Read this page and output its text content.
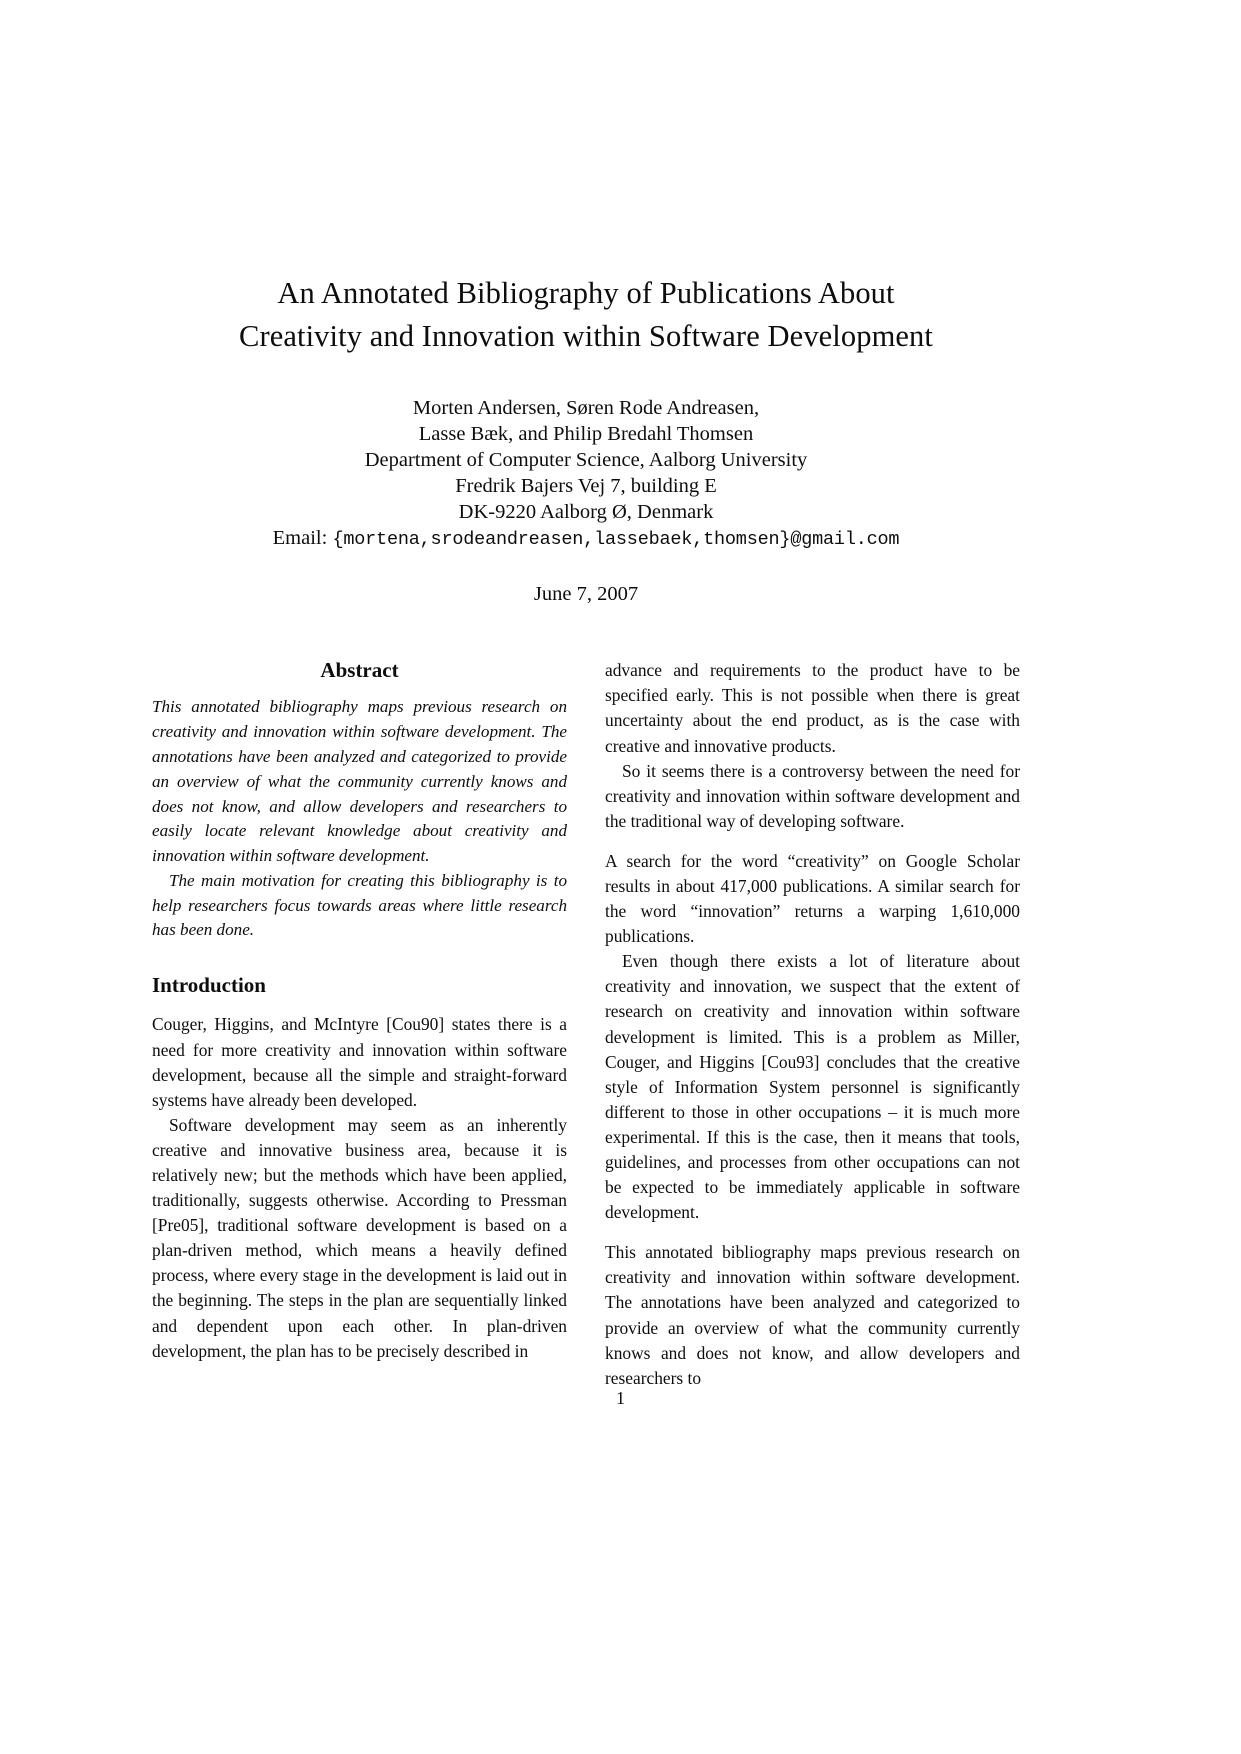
An Annotated Bibliography of Publications About
Creativity and Innovation within Software Development
Morten Andersen, Søren Rode Andreasen,
Lasse Bæk, and Philip Bredahl Thomsen
Department of Computer Science, Aalborg University
Fredrik Bajers Vej 7, building E
DK-9220 Aalborg Ø, Denmark
Email: {mortena,srodeandreasen,lassebaek,thomsen}@gmail.com
June 7, 2007
Abstract

This annotated bibliography maps previous research on creativity and innovation within software development. The annotations have been analyzed and categorized to provide an overview of what the community currently knows and does not know, and allow developers and researchers to easily locate relevant knowledge about creativity and innovation within software development.

The main motivation for creating this bibliography is to help researchers focus towards areas where little research has been done.

Introduction

Couger, Higgins, and McIntyre [Cou90] states there is a need for more creativity and innovation within software development, because all the simple and straight-forward systems have already been developed.

Software development may seem as an inherently creative and innovative business area, because it is relatively new; but the methods which have been applied, traditionally, suggests otherwise. According to Pressman [Pre05], traditional software development is based on a plan-driven method, which means a heavily defined process, where every stage in the development is laid out in the beginning. The steps in the plan are sequentially linked and dependent upon each other. In plan-driven development, the plan has to be precisely described in

advance and requirements to the product have to be specified early. This is not possible when there is great uncertainty about the end product, as is the case with creative and innovative products.

So it seems there is a controversy between the need for creativity and innovation within software development and the traditional way of developing software.

A search for the word “creativity” on Google Scholar results in about 417,000 publications. A similar search for the word “innovation” returns a warping 1,610,000 publications.

Even though there exists a lot of literature about creativity and innovation, we suspect that the extent of research on creativity and innovation within software development is limited. This is a problem as Miller, Couger, and Higgins [Cou93] concludes that the creative style of Information System personnel is significantly different to those in other occupations – it is much more experimental. If this is the case, then it means that tools, guidelines, and processes from other occupations can not be expected to be immediately applicable in software development.

This annotated bibliography maps previous research on creativity and innovation within software development. The annotations have been analyzed and categorized to provide an overview of what the community currently knows and does not know, and allow developers and researchers to

1
